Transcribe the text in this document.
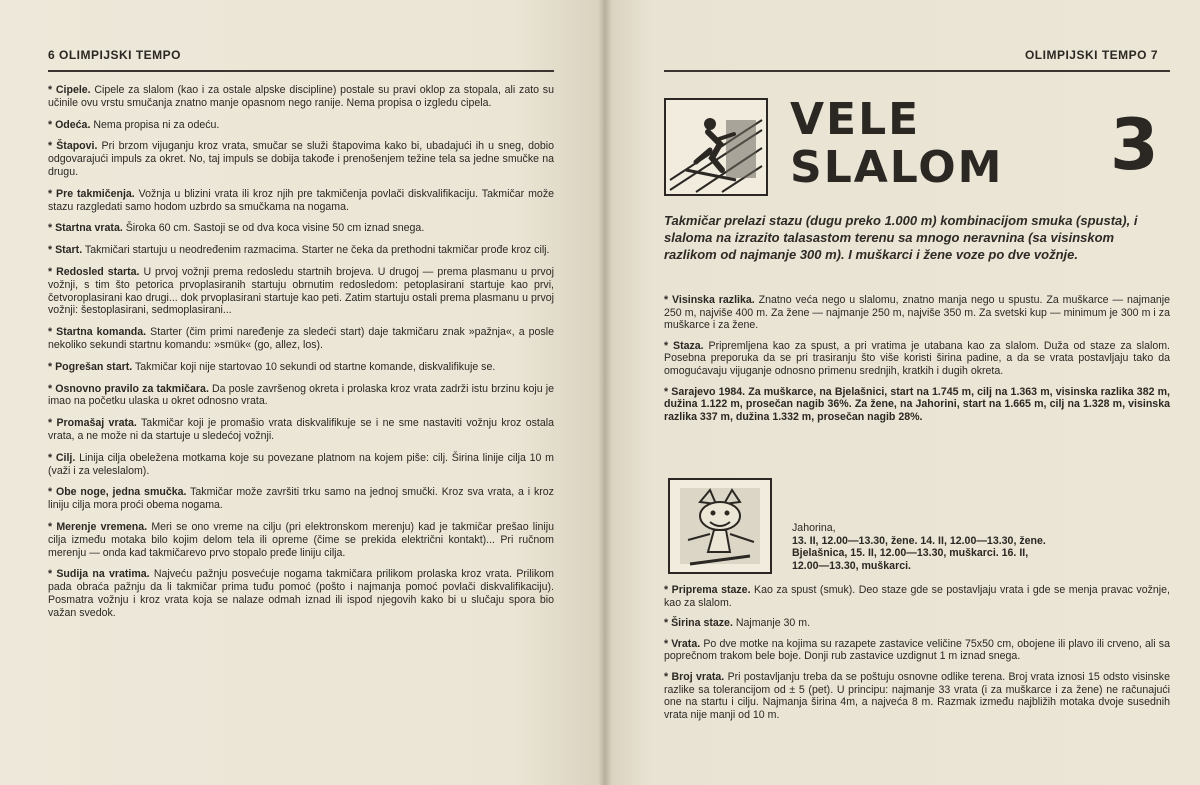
6 OLIMPIJSKI TEMPO

* Cipele. Cipele za slalom (kao i za ostale alpske discipline) postale su pravi oklop za stopala, ali zato su učinile ovu vrstu smučanja znatno manje opasnom nego ranije. Nema propisa o izgledu cipela.

* Odeća. Nema propisa ni za odeću.

* Štapovi. Pri brzom vijuganju kroz vrata, smučar se služi štapovima kako bi, ubadajući ih u sneg, dobio odgovarajući impuls za okret. No, taj impuls se dobija takođe i prenošenjem težine tela sa jedne smučke na drugu.

* Pre takmičenja. Vožnja u blizini vrata ili kroz njih pre takmičenja povlači diskvalifikaciju. Takmičar može stazu razgledati samo hodom uzbrdo sa smučkama na nogama.

* Startna vrata. Široka 60 cm. Sastoji se od dva koca visine 50 cm iznad snega.

* Start. Takmičari startuju u neodređenim razmacima. Starter ne čeka da prethodni takmičar prođe kroz cilj.

* Redosled starta. U prvoj vožnji prema redosledu startnih brojeva. U drugoj — prema plasmanu u prvoj vožnji, s tim što petorica prvoplasiranih startuju obrnutim redosledom: petoplasirani startuje kao prvi, četvoroplasirani kao drugi... dok prvoplasirani startuje kao peti. Zatim startuju ostali prema plasmanu u prvoj vožnji: šestoplasirani, sedmoplasirani...

* Startna komanda. Starter (čim primi naređenje za sledeći start) daje takmičaru znak »pažnja«, a posle nekoliko sekundi startnu komandu: »smük« (go, allez, los).

* Pogrešan start. Takmičar koji nije startovao 10 sekundi od startne komande, diskvalifikuje se.

* Osnovno pravilo za takmičara. Da posle završenog okreta i prolaska kroz vrata zadrži istu brzinu koju je imao na početku ulaska u okret odnosno vrata.

* Promašaj vrata. Takmičar koji je promašio vrata diskvalifikuje se i ne sme nastaviti vožnju kroz ostala vrata, a ne može ni da startuje u sledećoj vožnji.

* Cilj. Linija cilja obeležena motkama koje su povezane platnom na kojem piše: cilj. Širina linije cilja 10 m (važi i za veleslalom).

* Obe noge, jedna smučka. Takmičar može završiti trku samo na jednoj smučki. Kroz sva vrata, a i kroz liniju cilja mora proći obema nogama.

* Merenje vremena. Meri se ono vreme na cilju (pri elektronskom merenju) kad je takmičar prešao liniju cilja između motaka bilo kojim delom tela ili opreme (čime se prekida električni kontakt)... Pri ručnom merenju — onda kad takmičarevo prvo stopalo pređe liniju cilja.

* Sudija na vratima. Najveću pažnju posvećuje nogama takmičara prilikom prolaska kroz vrata. Prilikom pada obraća pažnju da li takmičar prima tuđu pomoć (pošto i najmanja pomoć povlači diskvalifikaciju). Posmatra vožnju i kroz vrata koja se nalaze odmah iznad ili ispod njegovih kako bi u slučaju spora bio važan svedok.

OLIMPIJSKI TEMPO 7
VELE
SLALOM 3
Takmičar prelazi stazu (dugu preko 1.000 m) kombinacijom smuka (spusta), i slaloma na izrazito talasastom terenu sa mnogo neravnina (sa visinskom razlikom od najmanje 300 m). I muškarci i žene voze po dve vožnje.

* Visinska razlika. Znatno veća nego u slalomu, znatno manja nego u spustu. Za muškarce — najmanje 250 m, najviše 400 m. Za žene — najmanje 250 m, najviše 350 m. Za svetski kup — minimum je 300 m i za muškarce i za žene.

* Staza. Pripremljena kao za spust, a pri vratima je utabana kao za slalom. Duža od staze za slalom. Posebna preporuka da se pri trasiranju što više koristi širina padine, a da se vrata postavljaju tako da omogućavaju vijuganje odnosno primenu srednjih, kratkih i dugih okreta.

* Sarajevo 1984. Za muškarce, na Bjelašnici, start na 1.745 m, cilj na 1.363 m, visinska razlika 382 m, dužina 1.122 m, prosečan nagib 36%. Za žene, na Jahorini, start na 1.665 m, cilj na 1.328 m, visinska razlika 337 m, dužina 1.332 m, prosečan nagib 28%.

Jahorina,
13. II, 12.00—13.30, žene. 14. II, 12.00—13.30, žene.
Bjelašnica, 15. II, 12.00—13.30, muškarci. 16. II,
12.00—13.30, muškarci.

* Priprema staze. Kao za spust (smuk). Deo staze gde se postavljaju vrata i gde se menja pravac vožnje, kao za slalom.

* Širina staze. Najmanje 30 m.

* Vrata. Po dve motke na kojima su razapete zastavice veličine 75x50 cm, obojene ili plavo ili crveno, ali sa poprečnom trakom bele boje. Donji rub zastavice uzdignut 1 m iznad snega.

* Broj vrata. Pri postavljanju treba da se poštuju osnovne odlike terena. Broj vrata iznosi 15 odsto visinske razlike sa tolerancijom od ± 5 (pet). U principu: najmanje 33 vrata (i za muškarce i za žene) ne računajući one na startu i cilju. Najmanja širina 4m, a najveća 8 m. Razmak između najbližih motaka dvoje susednih vrata nije manji od 10 m.
